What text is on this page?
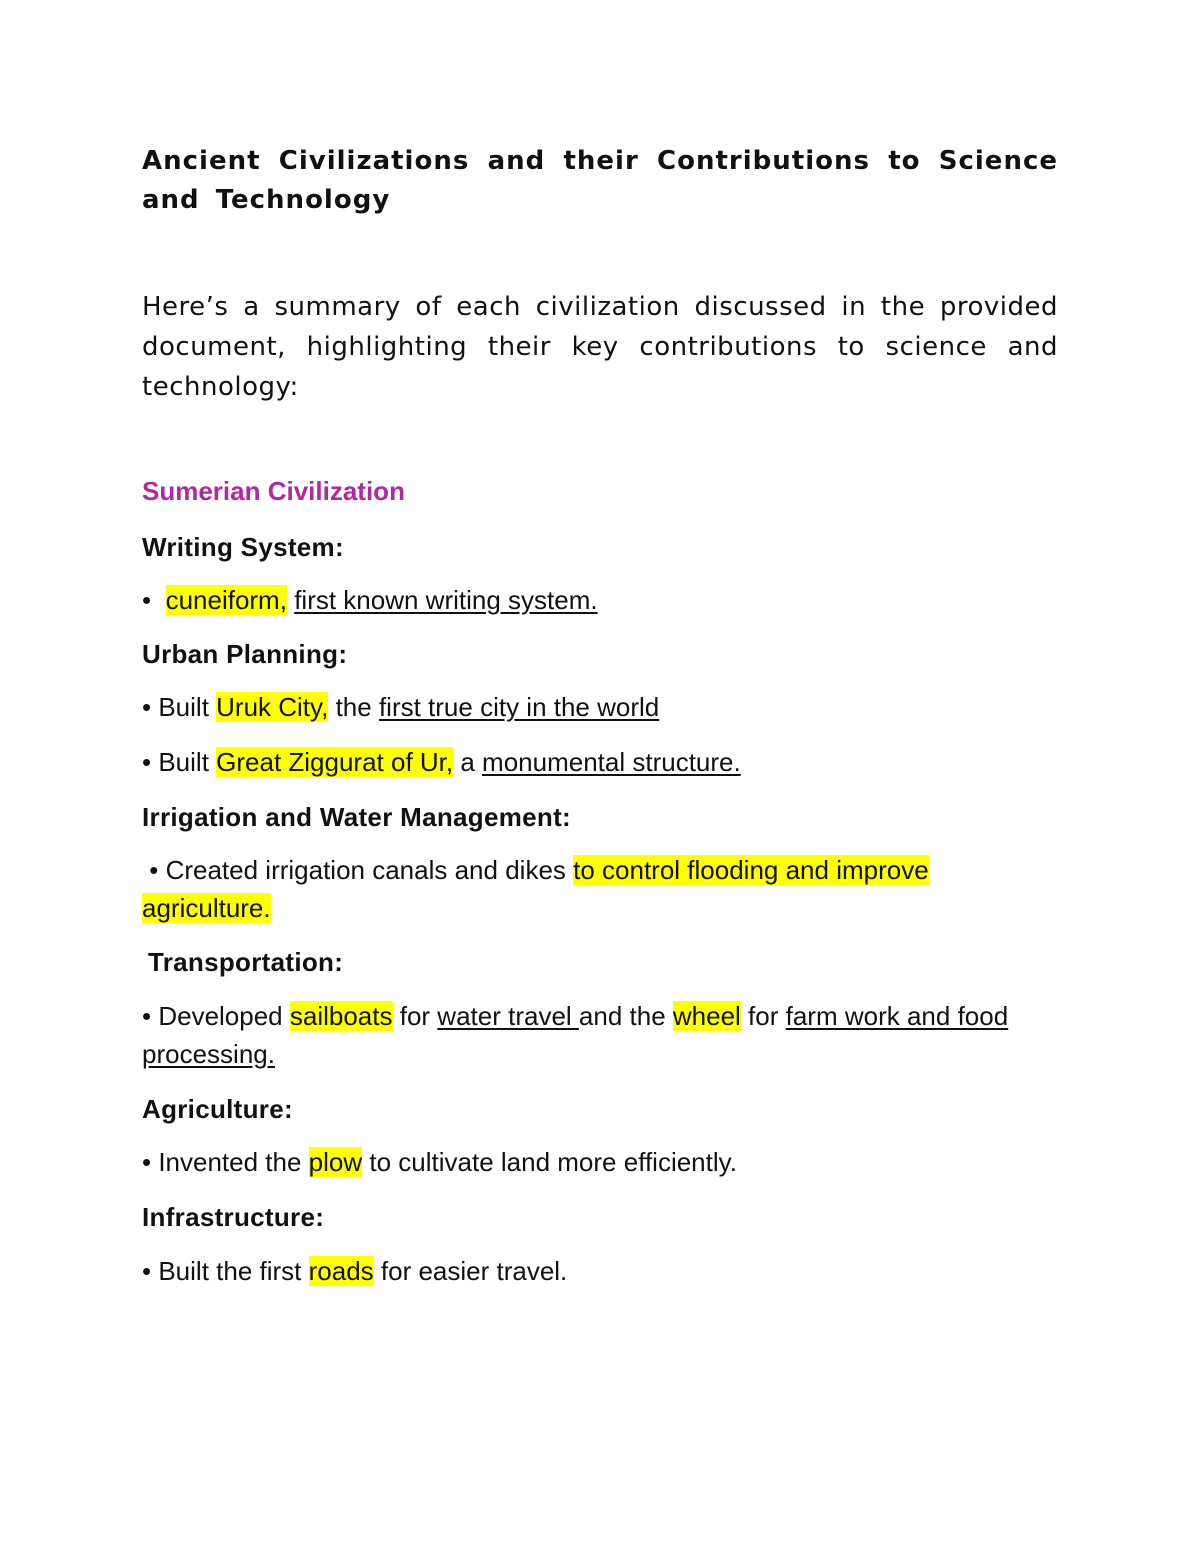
Ancient Civilizations and their Contributions to Science and Technology

Here’s a summary of each civilization discussed in the provided document, highlighting their key contributions to science and technology:

Sumerian Civilization

Writing System:

• cuneiform, first known writing system.

Urban Planning:

• Built Uruk City, the first true city in the world

• Built Great Ziggurat of Ur, a monumental structure.

Irrigation and Water Management:

• Created irrigation canals and dikes to control flooding and improve agriculture.

Transportation:

• Developed sailboats for water travel and the wheel for farm work and food processing.

Agriculture:

• Invented the plow to cultivate land more efficiently.

Infrastructure:

• Built the first roads for easier travel.
